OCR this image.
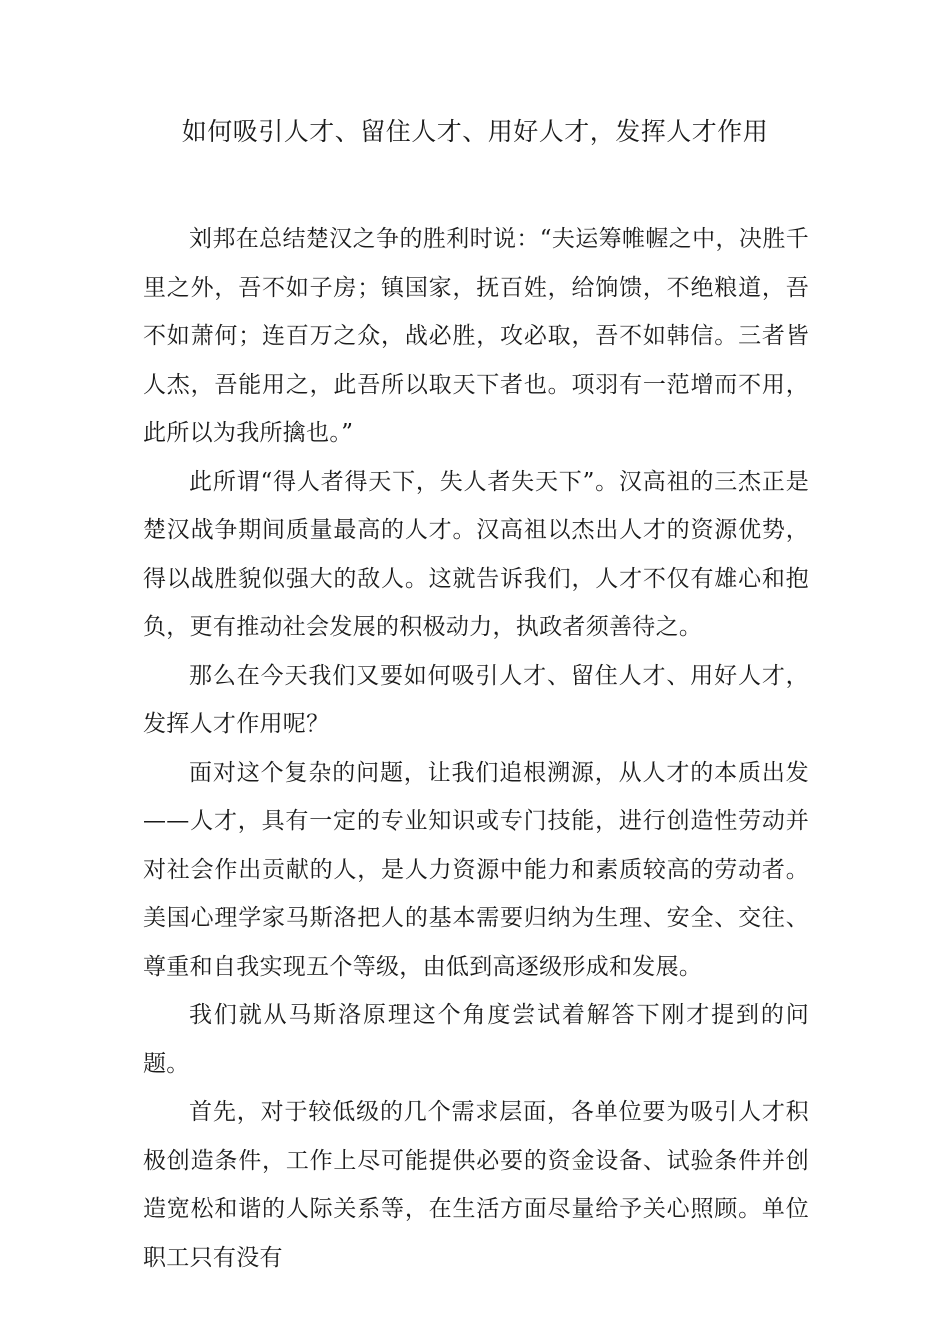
如何吸引人才、留住人才、用好人才，发挥人才作用

刘邦在总结楚汉之争的胜利时说：“夫运筹帷幄之中，决胜千里之外，吾不如子房；镇国家，抚百姓，给饷馈，不绝粮道，吾不如萧何；连百万之众，战必胜，攻必取，吾不如韩信。三者皆人杰，吾能用之，此吾所以取天下者也。项羽有一范增而不用，此所以为我所擒也。”

此所谓“得人者得天下，失人者失天下”。汉高祖的三杰正是楚汉战争期间质量最高的人才。汉高祖以杰出人才的资源优势，得以战胜貌似强大的敌人。这就告诉我们，人才不仅有雄心和抱负，更有推动社会发展的积极动力，执政者须善待之。

那么在今天我们又要如何吸引人才、留住人才、用好人才，发挥人才作用呢？

面对这个复杂的问题，让我们追根溯源，从人才的本质出发——人才，具有一定的专业知识或专门技能，进行创造性劳动并对社会作出贡献的人，是人力资源中能力和素质较高的劳动者。美国心理学家马斯洛把人的基本需要归纳为生理、安全、交往、尊重和自我实现五个等级，由低到高逐级形成和发展。

我们就从马斯洛原理这个角度尝试着解答下刚才提到的问题。

首先，对于较低级的几个需求层面，各单位要为吸引人才积极创造条件，工作上尽可能提供必要的资金设备、试验条件并创造宽松和谐的人际关系等，在生活方面尽量给予关心照顾。单位职工只有没有
